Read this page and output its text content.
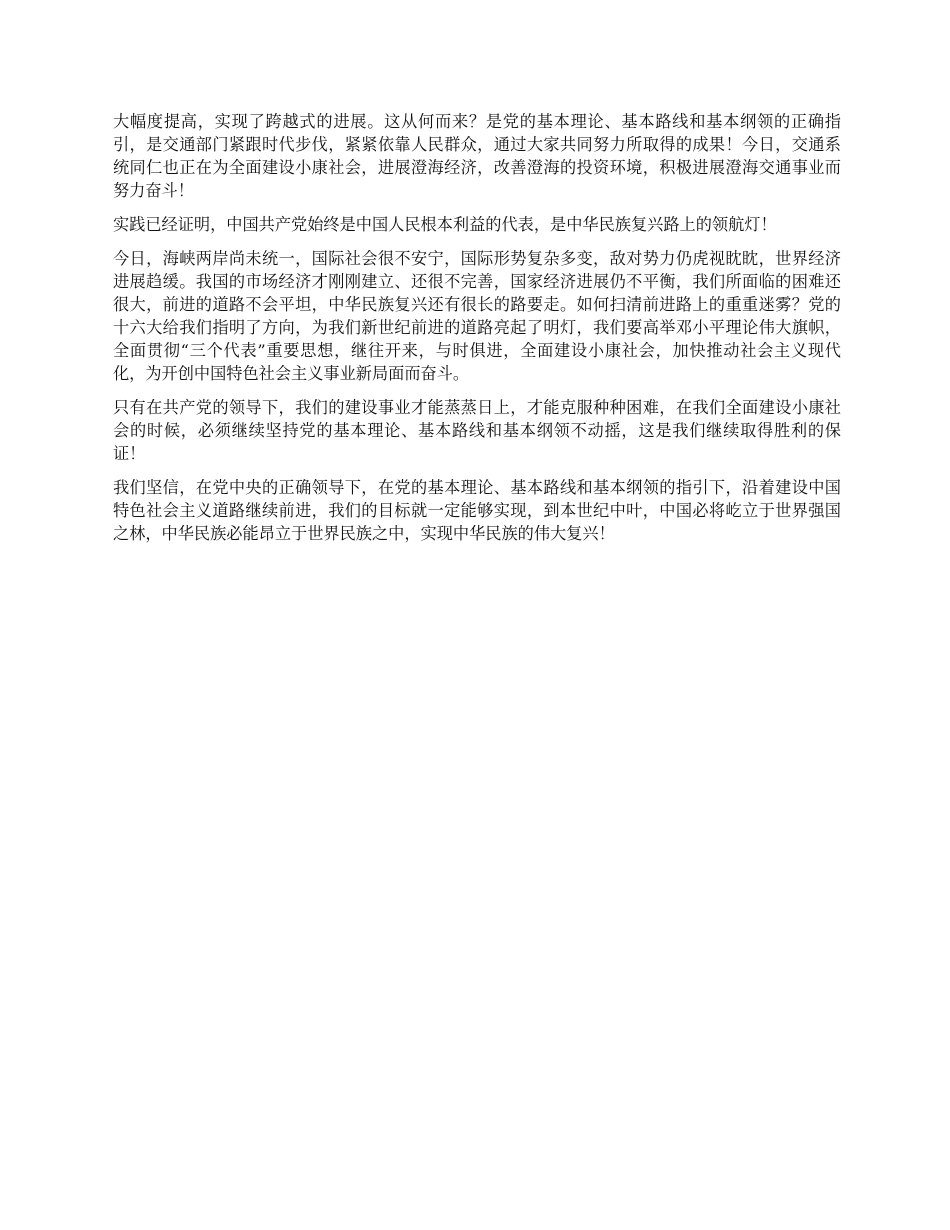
大幅度提高，实现了跨越式的进展。这从何而来？是党的基本理论、基本路线和基本纲领的正确指引，是交通部门紧跟时代步伐，紧紧依靠人民群众，通过大家共同努力所取得的成果！今日，交通系统同仁也正在为全面建设小康社会，进展澄海经济，改善澄海的投资环境，积极进展澄海交通事业而努力奋斗！

实践已经证明，中国共产党始终是中国人民根本利益的代表，是中华民族复兴路上的领航灯！

今日，海峡两岸尚未统一，国际社会很不安宁，国际形势复杂多变，敌对势力仍虎视眈眈，世界经济进展趋缓。我国的市场经济才刚刚建立、还很不完善，国家经济进展仍不平衡，我们所面临的困难还很大，前进的道路不会平坦，中华民族复兴还有很长的路要走。如何扫清前进路上的重重迷雾？党的十六大给我们指明了方向，为我们新世纪前进的道路亮起了明灯，我们要高举邓小平理论伟大旗帜，全面贯彻“三个代表”重要思想，继往开来，与时俱进，全面建设小康社会，加快推动社会主义现代化，为开创中国特色社会主义事业新局面而奋斗。

只有在共产党的领导下，我们的建设事业才能蒸蒸日上，才能克服种种困难，在我们全面建设小康社会的时候，必须继续坚持党的基本理论、基本路线和基本纲领不动摇，这是我们继续取得胜利的保证！

我们坚信，在党中央的正确领导下，在党的基本理论、基本路线和基本纲领的指引下，沿着建设中国特色社会主义道路继续前进，我们的目标就一定能够实现，到本世纪中叶，中国必将屹立于世界强国之林，中华民族必能昂立于世界民族之中，实现中华民族的伟大复兴！
